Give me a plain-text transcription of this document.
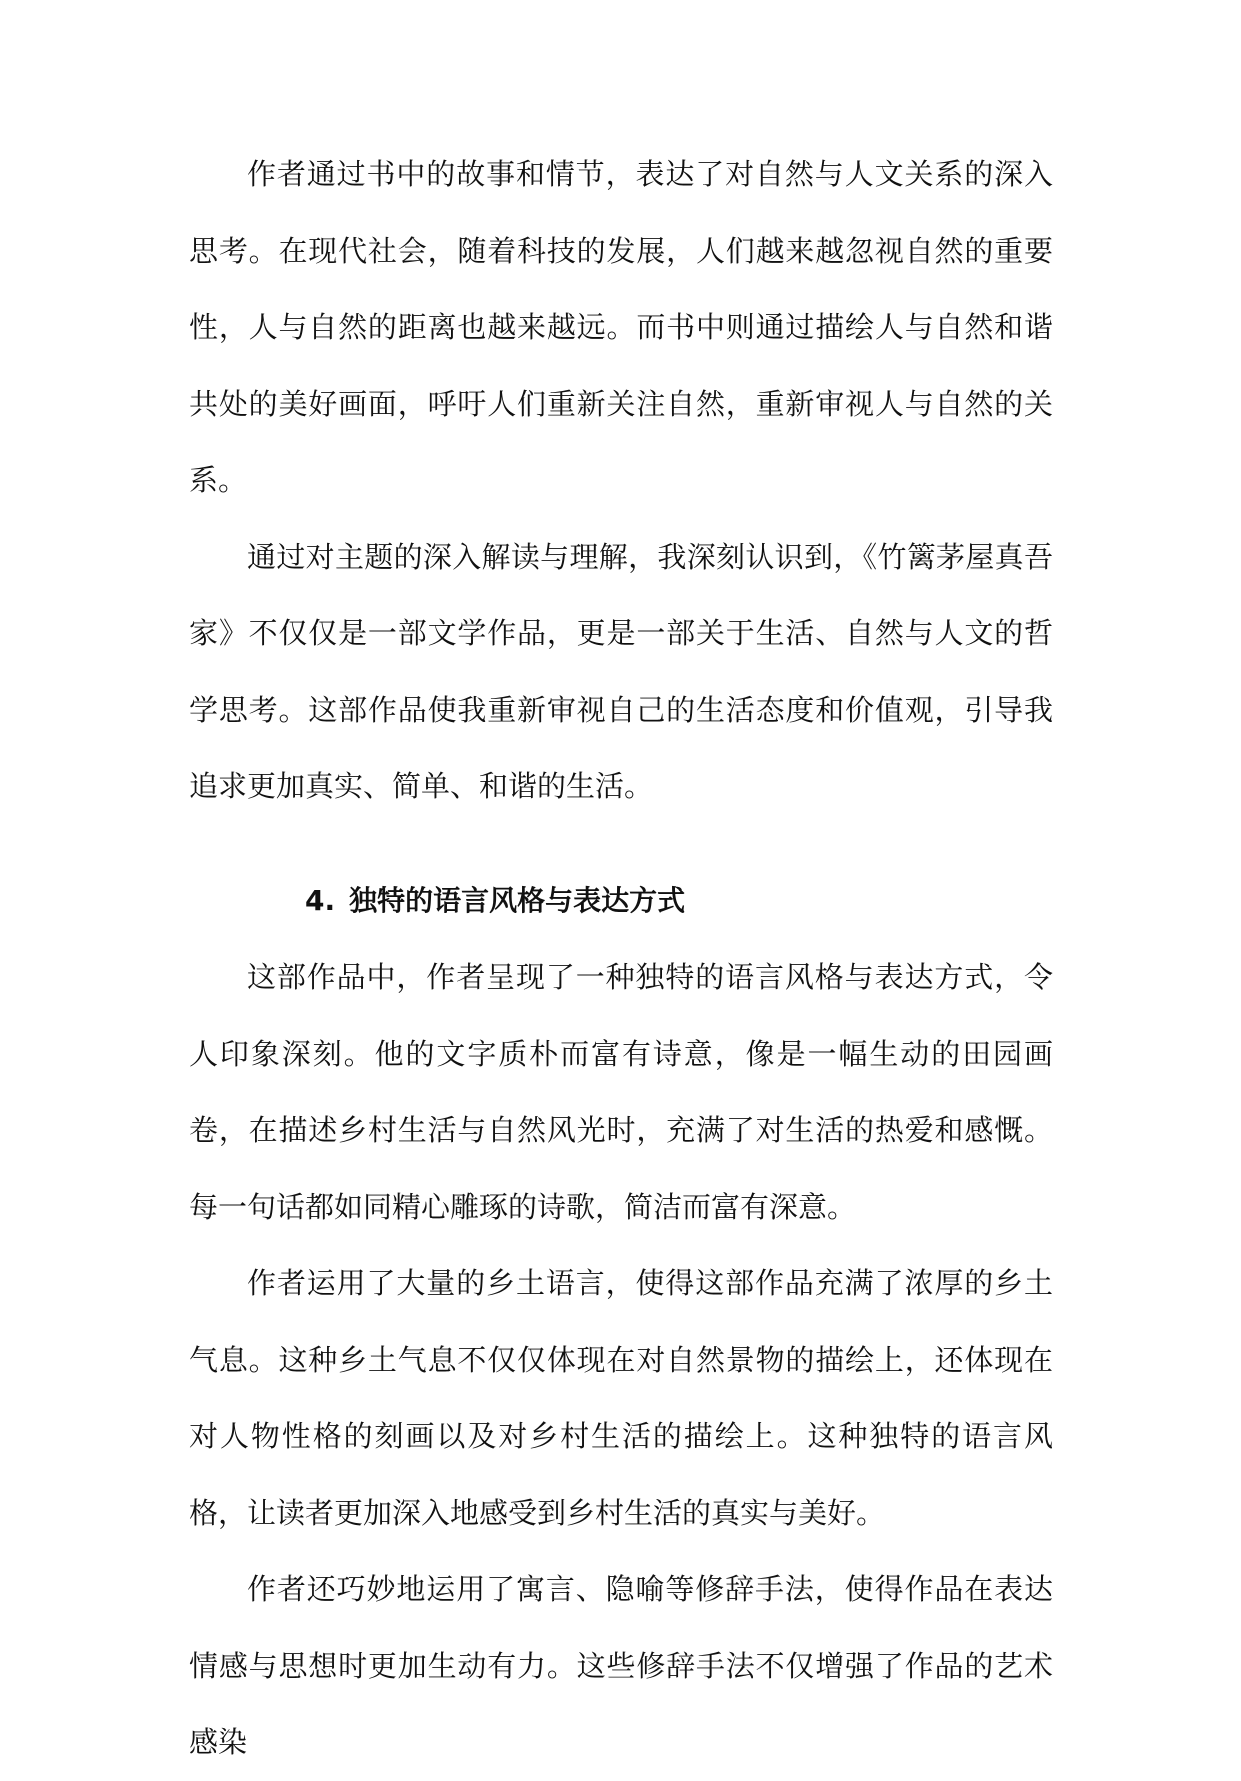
作者通过书中的故事和情节，表达了对自然与人文关系的深入思考。在现代社会，随着科技的发展，人们越来越忽视自然的重要性，人与自然的距离也越来越远。而书中则通过描绘人与自然和谐共处的美好画面，呼吁人们重新关注自然，重新审视人与自然的关系。

通过对主题的深入解读与理解，我深刻认识到，《竹篱茅屋真吾家》不仅仅是一部文学作品，更是一部关于生活、自然与人文的哲学思考。这部作品使我重新审视自己的生活态度和价值观，引导我追求更加真实、简单、和谐的生活。

4. 独特的语言风格与表达方式

这部作品中，作者呈现了一种独特的语言风格与表达方式，令人印象深刻。他的文字质朴而富有诗意，像是一幅生动的田园画卷，在描述乡村生活与自然风光时，充满了对生活的热爱和感慨。每一句话都如同精心雕琢的诗歌，简洁而富有深意。

作者运用了大量的乡土语言，使得这部作品充满了浓厚的乡土气息。这种乡土气息不仅仅体现在对自然景物的描绘上，还体现在对人物性格的刻画以及对乡村生活的描绘上。这种独特的语言风格，让读者更加深入地感受到乡村生活的真实与美好。

作者还巧妙地运用了寓言、隐喻等修辞手法，使得作品在表达情感与思想时更加生动有力。这些修辞手法不仅增强了作品的艺术感染
